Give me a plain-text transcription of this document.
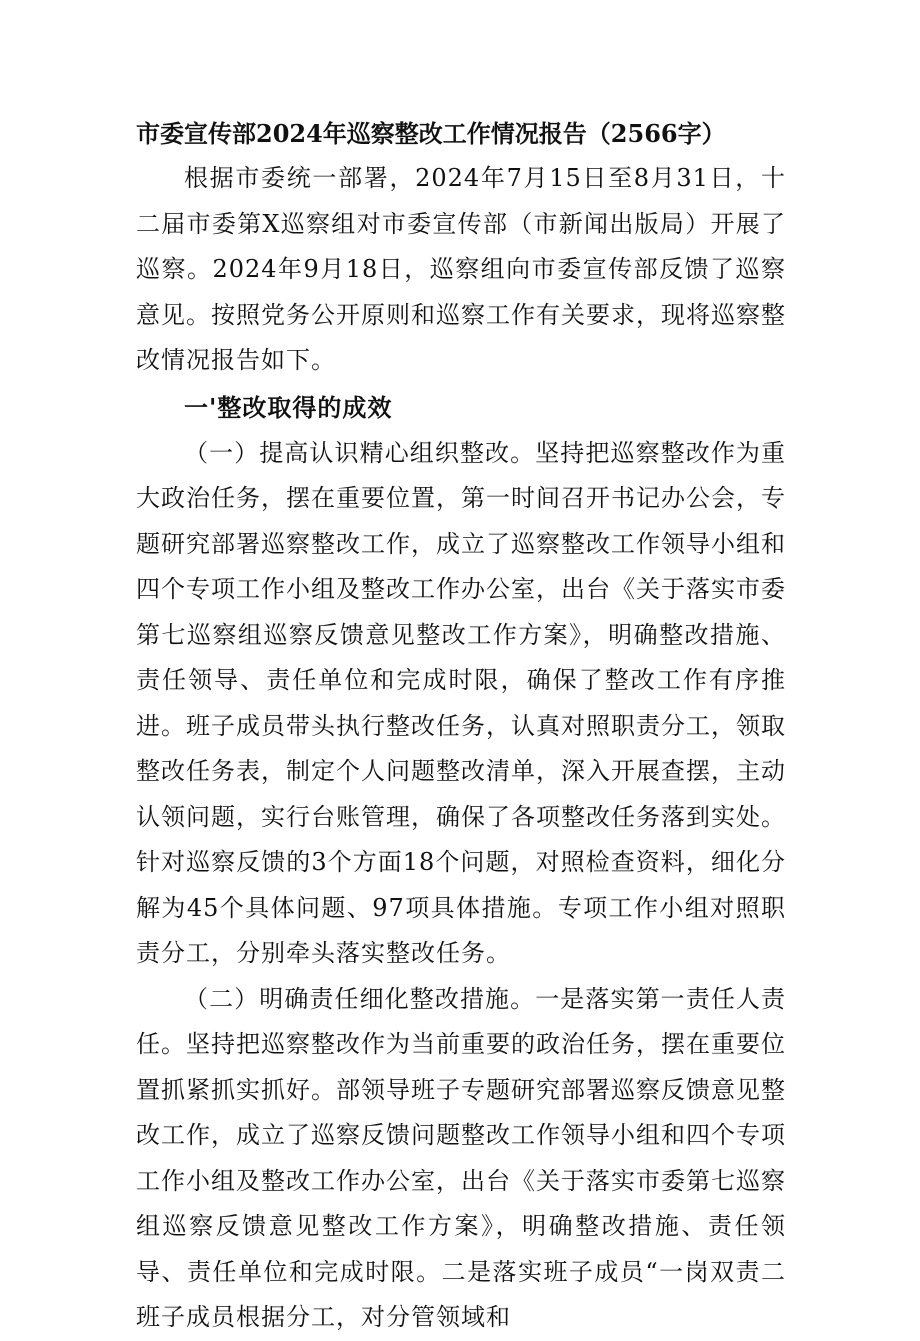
市委宣传部2024年巡察整改工作情况报告（2566字）

根据市委统一部署，2024年7月15日至8月31日，十二届市委第X巡察组对市委宣传部（市新闻出版局）开展了巡察。2024年9月18日，巡察组向市委宣传部反馈了巡察意见。按照党务公开原则和巡察工作有关要求，现将巡察整改情况报告如下。

一'整改取得的成效

（一）提高认识精心组织整改。坚持把巡察整改作为重大政治任务，摆在重要位置，第一时间召开书记办公会，专题研究部署巡察整改工作，成立了巡察整改工作领导小组和四个专项工作小组及整改工作办公室，出台《关于落实市委第七巡察组巡察反馈意见整改工作方案》，明确整改措施、责任领导、责任单位和完成时限，确保了整改工作有序推进。班子成员带头执行整改任务，认真对照职责分工，领取整改任务表，制定个人问题整改清单，深入开展查摆，主动认领问题，实行台账管理，确保了各项整改任务落到实处。针对巡察反馈的3个方面18个问题，对照检查资料，细化分解为45个具体问题、97项具体措施。专项工作小组对照职责分工，分别牵头落实整改任务。

（二）明确责任细化整改措施。一是落实第一责任人责任。坚持把巡察整改作为当前重要的政治任务，摆在重要位置抓紧抓实抓好。部领导班子专题研究部署巡察反馈意见整改工作，成立了巡察反馈问题整改工作领导小组和四个专项工作小组及整改工作办公室，出台《关于落实市委第七巡察组巡察反馈意见整改工作方案》，明确整改措施、责任领导、责任单位和完成时限。二是落实班子成员“一岗双责二班子成员根据分工，对分管领域和
